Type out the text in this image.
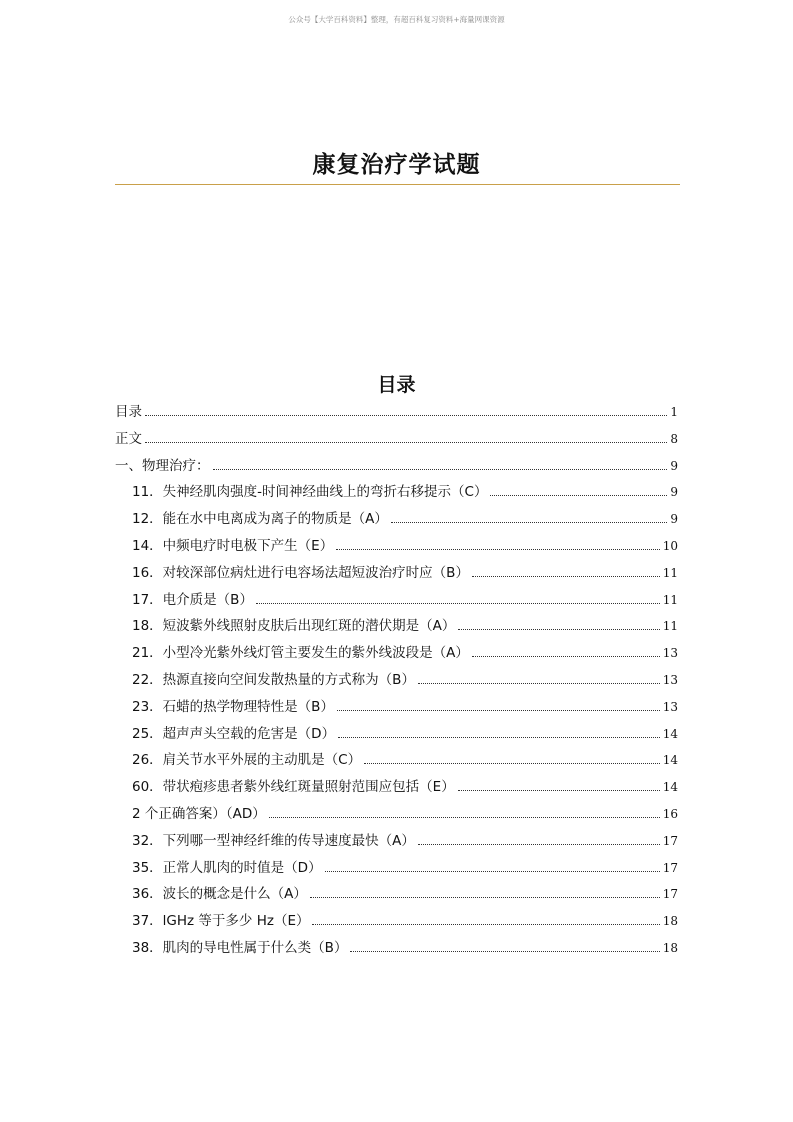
公众号【大学百科资料】整理，有超百科复习资料+海量网课资源
康复治疗学试题
目录
目录	1
正文	8
一、物理治疗：	9
11．失神经肌肉强度-时间神经曲线上的弯折右移提示（C）	9
12．能在水中电离成为离子的物质是（A）	9
14．中频电疗时电极下产生（E）	10
16．对较深部位病灶进行电容场法超短波治疗时应（B）	11
17．电介质是（B）	11
18．短波紫外线照射皮肤后出现红斑的潜伏期是（A）	11
21．小型冷光紫外线灯管主要发生的紫外线波段是（A）	13
22．热源直接向空间发散热量的方式称为（B）	13
23．石蜡的热学物理特性是（B）	13
25．超声声头空载的危害是（D）	14
26．肩关节水平外展的主动肌是（C）	14
60．带状疱疹患者紫外线红斑量照射范围应包括（E）	14
2 个正确答案）（AD）	16
32．下列哪一型神经纤维的传导速度最快（A）	17
35．正常人肌肉的时值是（D）	17
36．波长的概念是什么（A）	17
37．lGHz 等于多少 Hz（E）	18
38．肌肉的导电性属于什么类（B）	18
